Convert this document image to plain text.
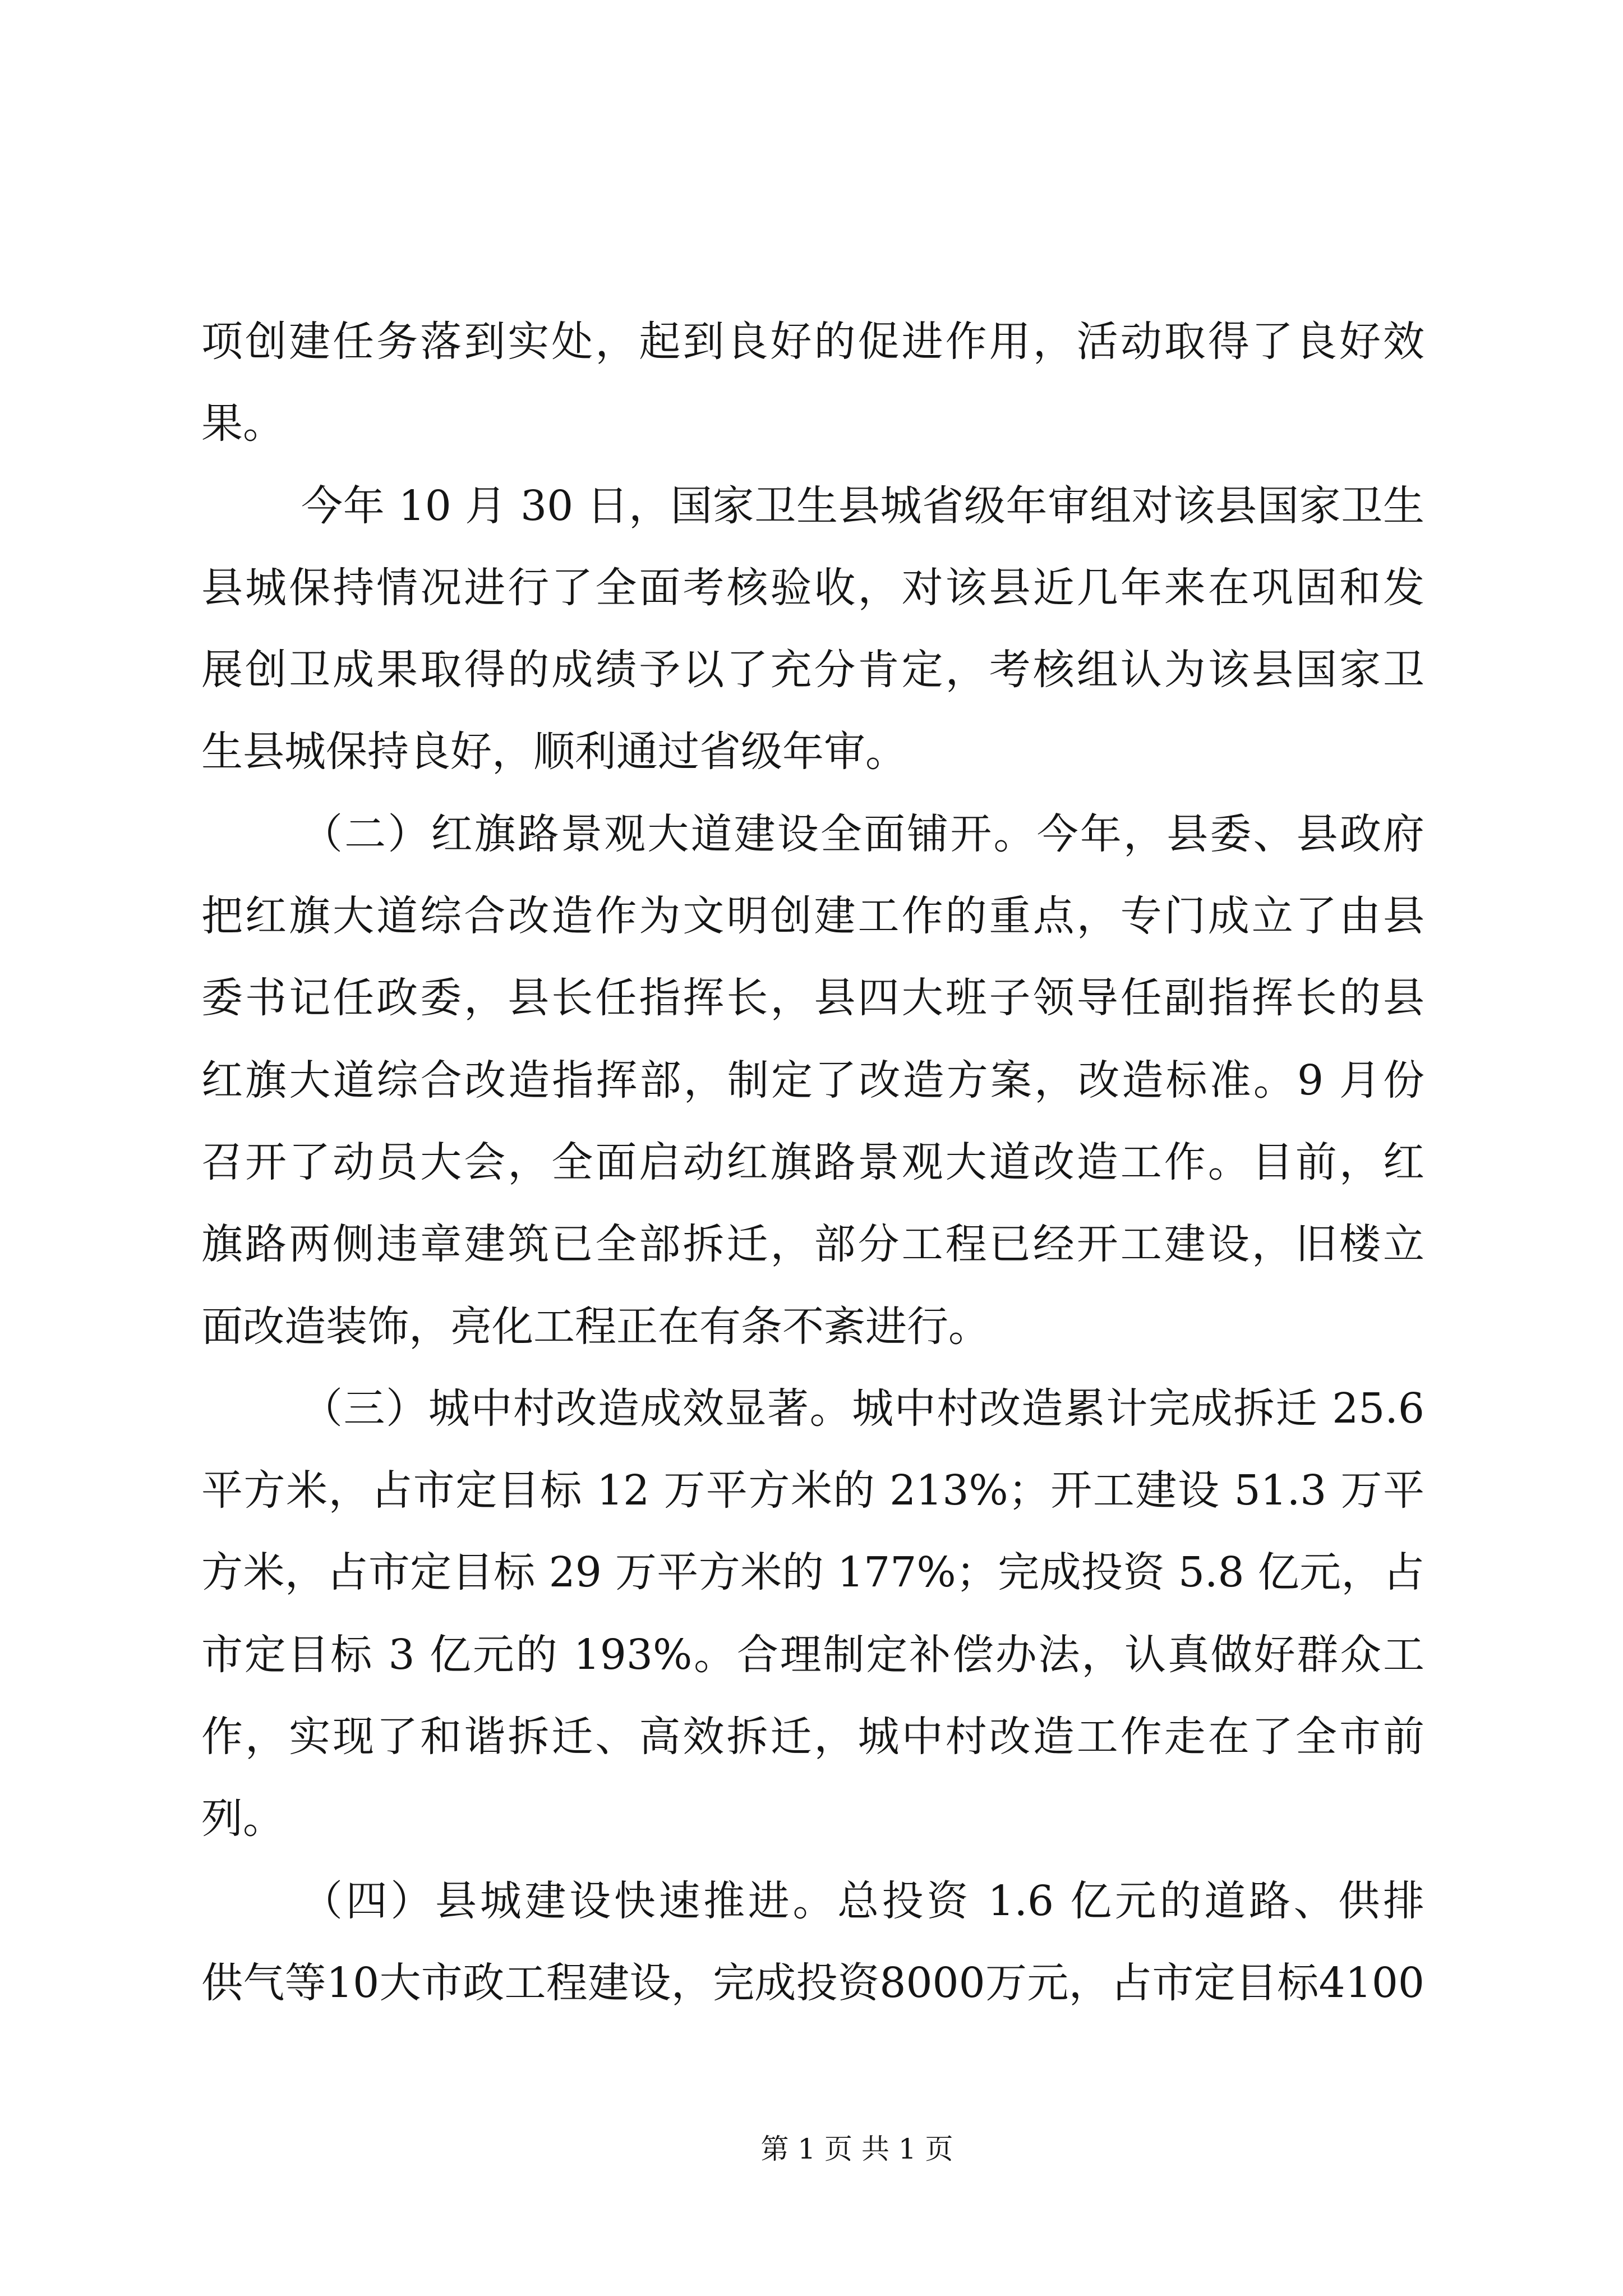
项创建任务落到实处，起到良好的促进作用，活动取得了良好效
果。
今年 10 月 30 日，国家卫生县城省级年审组对该县国家卫生
县城保持情况进行了全面考核验收，对该县近几年来在巩固和发
展创卫成果取得的成绩予以了充分肯定，考核组认为该县国家卫
生县城保持良好，顺利通过省级年审。
（二）红旗路景观大道建设全面铺开。今年，县委、县政府
把红旗大道综合改造作为文明创建工作的重点，专门成立了由县
委书记任政委，县长任指挥长，县四大班子领导任副指挥长的县
红旗大道综合改造指挥部，制定了改造方案，改造标准。9 月份
召开了动员大会，全面启动红旗路景观大道改造工作。目前，红
旗路两侧违章建筑已全部拆迁，部分工程已经开工建设，旧楼立
面改造装饰，亮化工程正在有条不紊进行。
（三）城中村改造成效显著。城中村改造累计完成拆迁 25.6
平方米，占市定目标 12 万平方米的 213%；开工建设 51.3 万平
方米，占市定目标 29 万平方米的 177%；完成投资 5.8 亿元，占
市定目标 3 亿元的 193%。合理制定补偿办法，认真做好群众工
作，实现了和谐拆迁、高效拆迁，城中村改造工作走在了全市前
列。
（四）县城建设快速推进。总投资 1.6 亿元的道路、供排
供气等10大市政工程建设，完成投资8000万元，占市定目标4100
第 1 页 共 1 页
